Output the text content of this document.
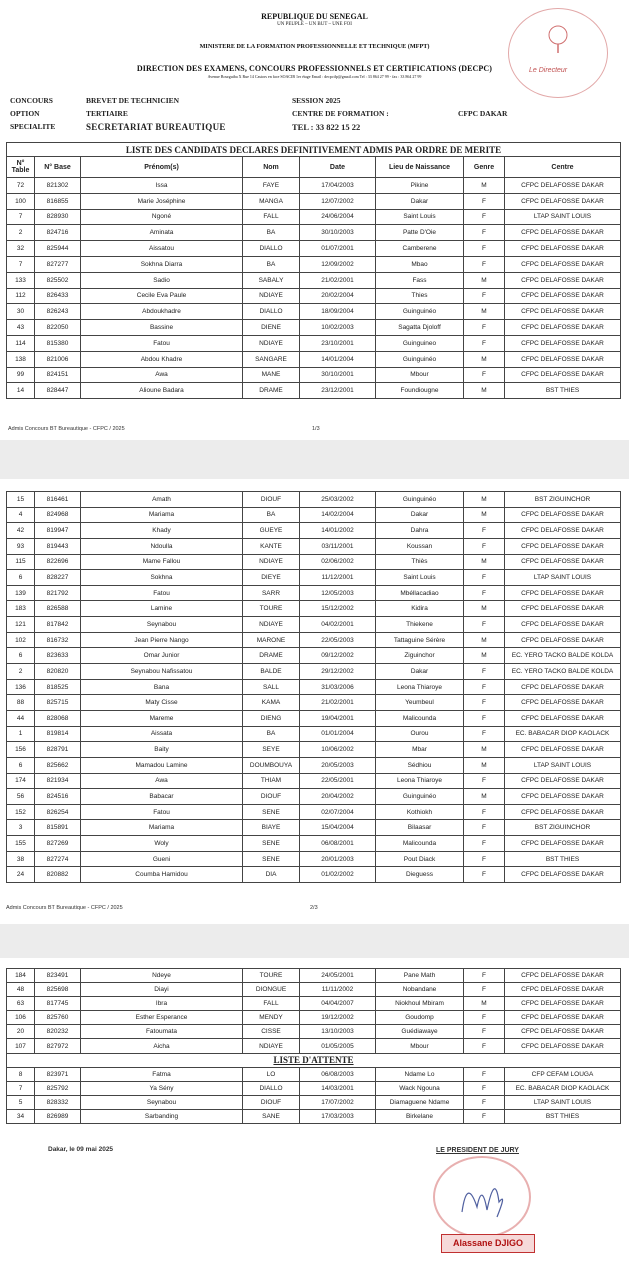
REPUBLIQUE DU SENEGAL
UN PEUPLE – UN BUT – UNE FOI
MINISTERE DE LA FORMATION PROFESSIONNELLE ET TECHNIQUE (MFPT)
DIRECTION DES EXAMENS, CONCOURS PROFESSIONNELS ET CERTIFICATIONS (DECPC)
Avenue Bourguiba X Rue 14 Castors en face SOACIB 1er étage Email : decpctfp@gmail.com Tel : 33 864 27 99 - fax : 33 864 27 99
Le Directeur
CONCOURS	BREVET DE TECHNICIEN	SESSION 2025	
OPTION	TERTIAIRE	CENTRE DE FORMATION :	CFPC DAKAR
SPECIALITE	SECRETARIAT BUREAUTIQUE	TEL : 33 822 15 22	
LISTE DES CANDIDATS DECLARES DEFINITIVEMENT ADMIS PAR ORDRE DE MERITE							
N° Table	N° Base	Prénom(s)	Nom	Date	Lieu de Naissance	Genre	Centre
72	821302	Issa	FAYE	17/04/2003	Pikine	M	CFPC DELAFOSSE DAKAR
100	816855	Marie Joséphine	MANGA	12/07/2002	Dakar	F	CFPC DELAFOSSE DAKAR
7	828930	Ngoné	FALL	24/06/2004	Saint Louis	F	LTAP SAINT LOUIS
2	824716	Aminata	BA	30/10/2003	Patte D'Oie	F	CFPC DELAFOSSE DAKAR
32	825944	Aissatou	DIALLO	01/07/2001	Camberene	F	CFPC DELAFOSSE DAKAR
7	827277	Sokhna Diarra	BA	12/09/2002	Mbao	F	CFPC DELAFOSSE DAKAR
133	825502	Sadio	SABALY	21/02/2001	Fass	M	CFPC DELAFOSSE DAKAR
112	826433	Cecile Eva Paule	NDIAYE	20/02/2004	Thies	F	CFPC DELAFOSSE DAKAR
30	826243	Abdoukhadre	DIALLO	18/09/2004	Guinguinéo	M	CFPC DELAFOSSE DAKAR
43	822050	Bassine	DIENE	10/02/2003	Sagatta Djoloff	F	CFPC DELAFOSSE DAKAR
114	815380	Fatou	NDIAYE	23/10/2001	Guinguineo	F	CFPC DELAFOSSE DAKAR
138	821006	Abdou Khadre	SANGARE	14/01/2004	Guinguinéo	M	CFPC DELAFOSSE DAKAR
99	824151	Awa	MANE	30/10/2001	Mbour	F	CFPC DELAFOSSE DAKAR
14	828447	Alioune Badara	DRAME	23/12/2001	Foundiougne	M	BST THIES
Admis Concours BT Bureautique - CFPC / 2025	1/3
15	816461	Amath	DIOUF	25/03/2002	Guinguinéo	M	BST ZIGUINCHOR
4	824968	Mariama	BA	14/02/2004	Dakar	M	CFPC DELAFOSSE DAKAR
42	819947	Khady	GUEYE	14/01/2002	Dahra	F	CFPC DELAFOSSE DAKAR
93	819443	Ndoulla	KANTE	03/11/2001	Koussan	F	CFPC DELAFOSSE DAKAR
115	822696	Mame Fallou	NDIAYE	02/06/2002	Thiès	M	CFPC DELAFOSSE DAKAR
6	828227	Sokhna	DIEYE	11/12/2001	Saint Louis	F	LTAP SAINT LOUIS
139	821792	Fatou	SARR	12/05/2003	Mbéllacadiao	F	CFPC DELAFOSSE DAKAR
183	826588	Lamine	TOURE	15/12/2002	Kidira	M	CFPC DELAFOSSE DAKAR
121	817842	Seynabou	NDIAYE	04/02/2001	Thiekene	F	CFPC DELAFOSSE DAKAR
102	816732	Jean Pierre Nango	MARONE	22/05/2003	Tattaguine Sérère	M	CFPC DELAFOSSE DAKAR
6	823633	Omar Junior	DRAME	09/12/2002	Ziguinchor	M	EC. YERO TACKO BALDE KOLDA
2	820820	Seynabou Nafissatou	BALDE	29/12/2002	Dakar	F	EC. YERO TACKO BALDE KOLDA
136	818525	Bana	SALL	31/03/2006	Leona Thiaroye	F	CFPC DELAFOSSE DAKAR
88	825715	Maty Cisse	KAMA	21/02/2001	Yeumbeul	F	CFPC DELAFOSSE DAKAR
44	828068	Mareme	DIENG	19/04/2001	Malicounda	F	CFPC DELAFOSSE DAKAR
1	819814	Aissata	BA	01/01/2004	Ourou	F	EC. BABACAR DIOP KAOLACK
156	828791	Baity	SEYE	10/06/2002	Mbar	M	CFPC DELAFOSSE DAKAR
6	825662	Mamadou Lamine	DOUMBOUYA	20/05/2003	Sédhiou	M	LTAP SAINT LOUIS
174	821934	Awa	THIAM	22/05/2001	Leona Thiaroye	F	CFPC DELAFOSSE DAKAR
56	824516	Babacar	DIOUF	20/04/2002	Guinguinéo	M	CFPC DELAFOSSE DAKAR
152	826254	Fatou	SENE	02/07/2004	Kothiokh	F	CFPC DELAFOSSE DAKAR
3	815891	Mariama	BIAYE	15/04/2004	Bilaasar	F	BST ZIGUINCHOR
155	827269	Woly	SENE	06/08/2001	Malicounda	F	CFPC DELAFOSSE DAKAR
38	827274	Gueni	SENE	20/01/2003	Pout Diack	F	BST THIES
24	820882	Coumba Hamidou	DIA	01/02/2002	Dieguess	F	CFPC DELAFOSSE DAKAR
Admis Concours BT Bureautique - CFPC / 2025	2/3
184	823491	Ndeye	TOURE	24/05/2001	Pane Math	F	CFPC DELAFOSSE DAKAR
48	825698	Diayi	DIONGUE	11/11/2002	Nobandane	F	CFPC DELAFOSSE DAKAR
63	817745	Ibra	FALL	04/04/2007	Niokhoul Mbiram	M	CFPC DELAFOSSE DAKAR
106	825760	Esther Esperance	MENDY	19/12/2002	Goudomp	F	CFPC DELAFOSSE DAKAR
20	820232	Fatoumata	CISSE	13/10/2003	Guédiawaye	F	CFPC DELAFOSSE DAKAR
107	827972	Aicha	NDIAYE	01/05/2005	Mbour	F	CFPC DELAFOSSE DAKAR
LISTE D'ATTENTE							
8	823971	Fatma	LO	06/08/2003	Ndame Lo	F	CFP CEFAM LOUGA
7	825792	Ya Sény	DIALLO	14/03/2001	Wack Ngouna	F	EC. BABACAR DIOP KAOLACK
5	828332	Seynabou	DIOUF	17/07/2002	Diamaguene Ndame	F	LTAP SAINT LOUIS
34	826989	Sarbanding	SANE	17/03/2003	Birkelane	F	BST THIES
Dakar, le 09 mai 2025	LE PRESIDENT DE JURY
Alassane DJIGO
